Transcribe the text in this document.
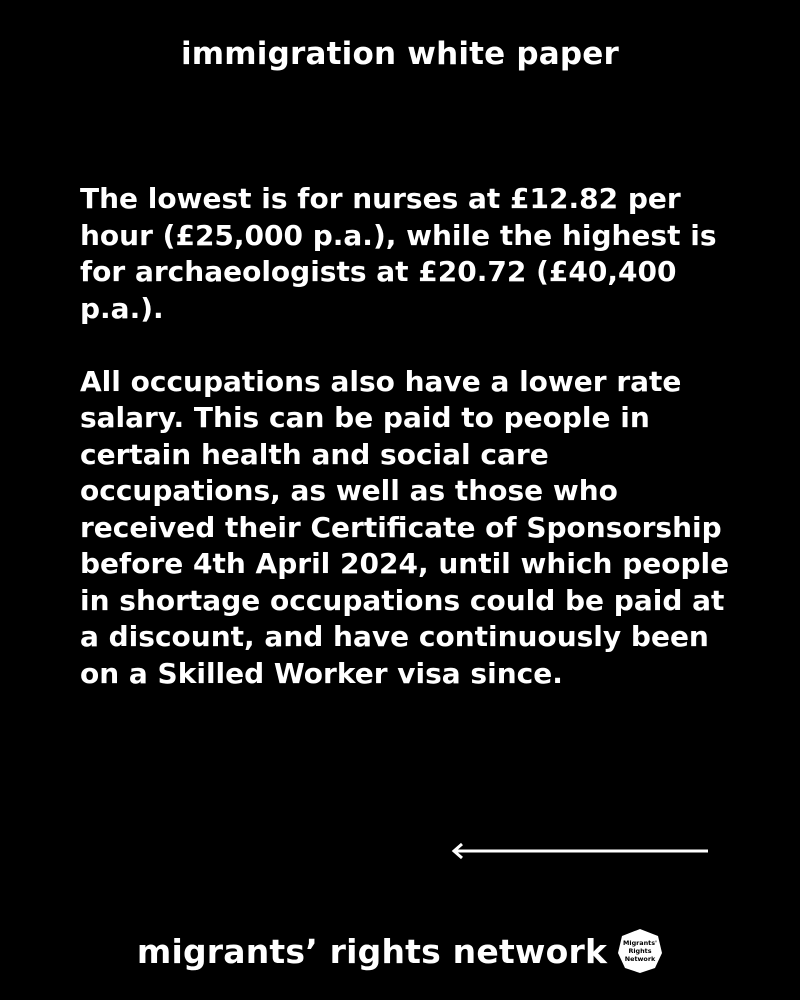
immigration white paper

The lowest is for nurses at £12.82 per hour (£25,000 p.a.), while the highest is for archaeologists at £20.72 (£40,400 p.a.).

All occupations also have a lower rate salary. This can be paid to people in certain health and social care occupations, as well as those who received their Certificate of Sponsorship before 4th April 2024, until which people in shortage occupations could be paid at a discount, and have continuously been on a Skilled Worker visa since.

migrants’ rights network	Migrants'
Rights
Network
